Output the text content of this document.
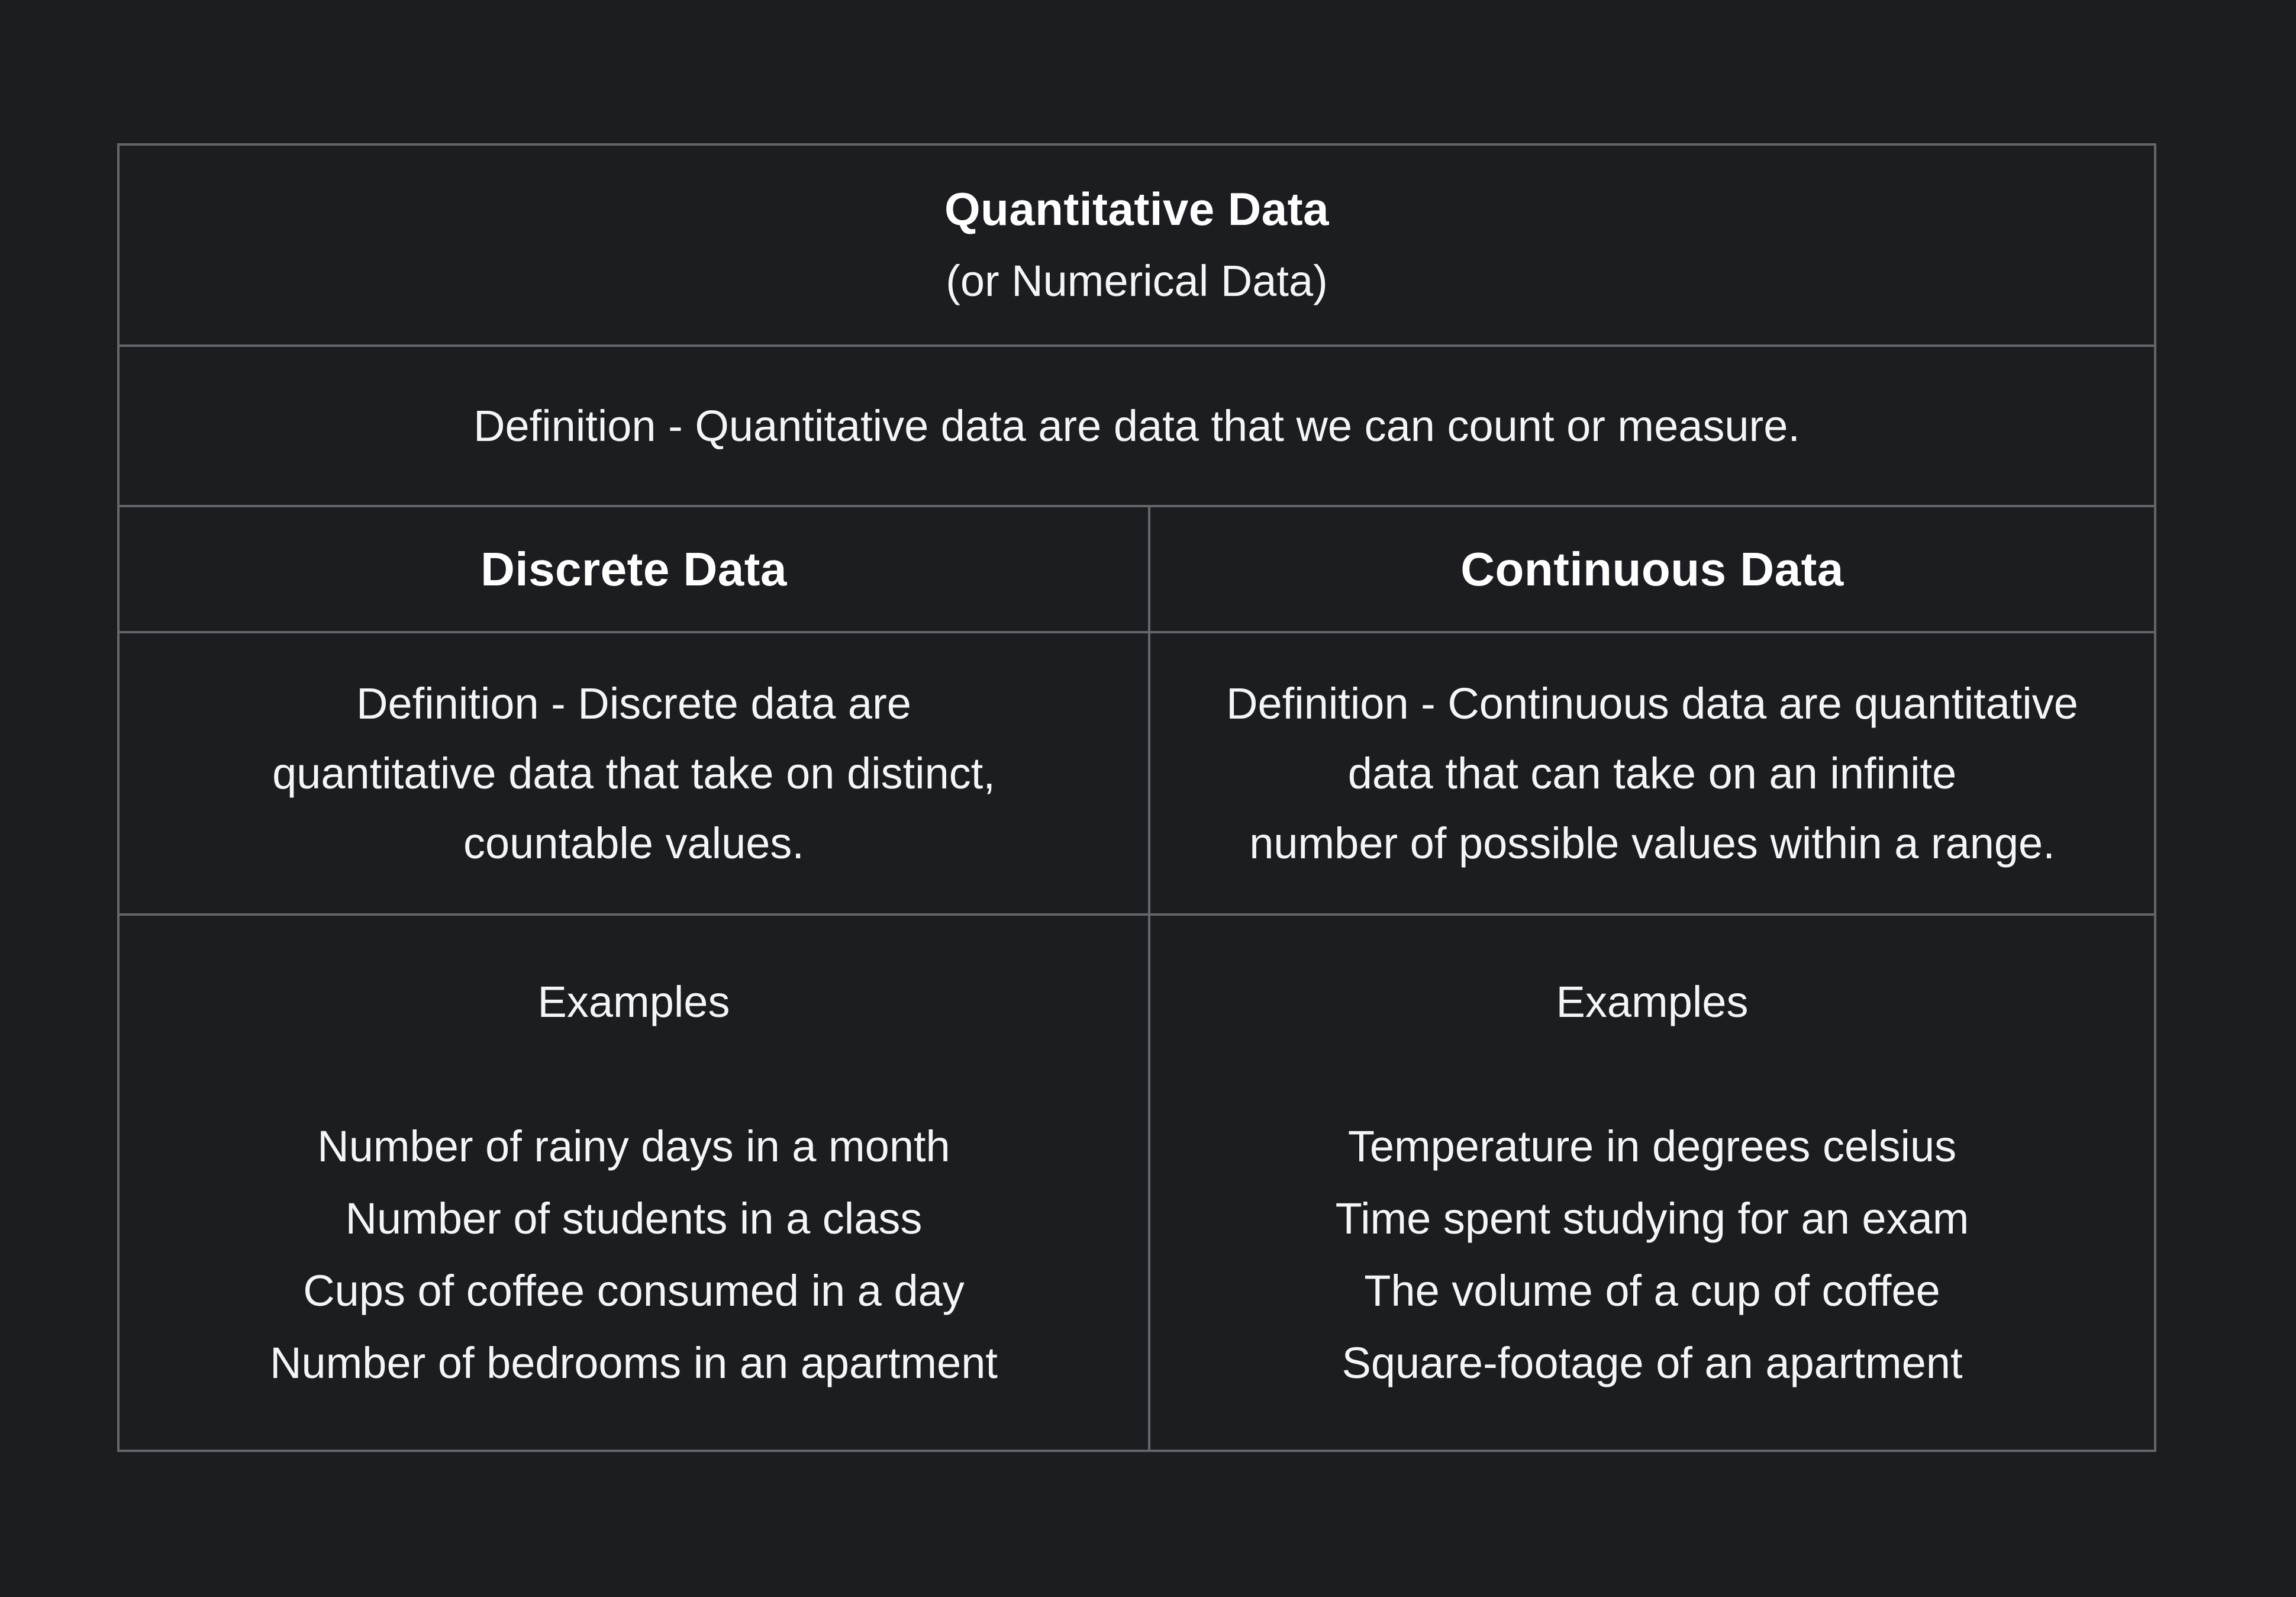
Quantitative Data
(or Numerical Data)
Definition - Quantitative data are data that we can count or measure.
Discrete Data	Continuous Data
Definition - Discrete data are
quantitative data that take on distinct,
countable values.
Definition - Continuous data are quantitative
data that can take on an infinite
number of possible values within a range.
Examples
Number of rainy days in a month
Number of students in a class
Cups of coffee consumed in a day
Number of bedrooms in an apartment
Examples
Temperature in degrees celsius
Time spent studying for an exam
The volume of a cup of coffee
Square-footage of an apartment
